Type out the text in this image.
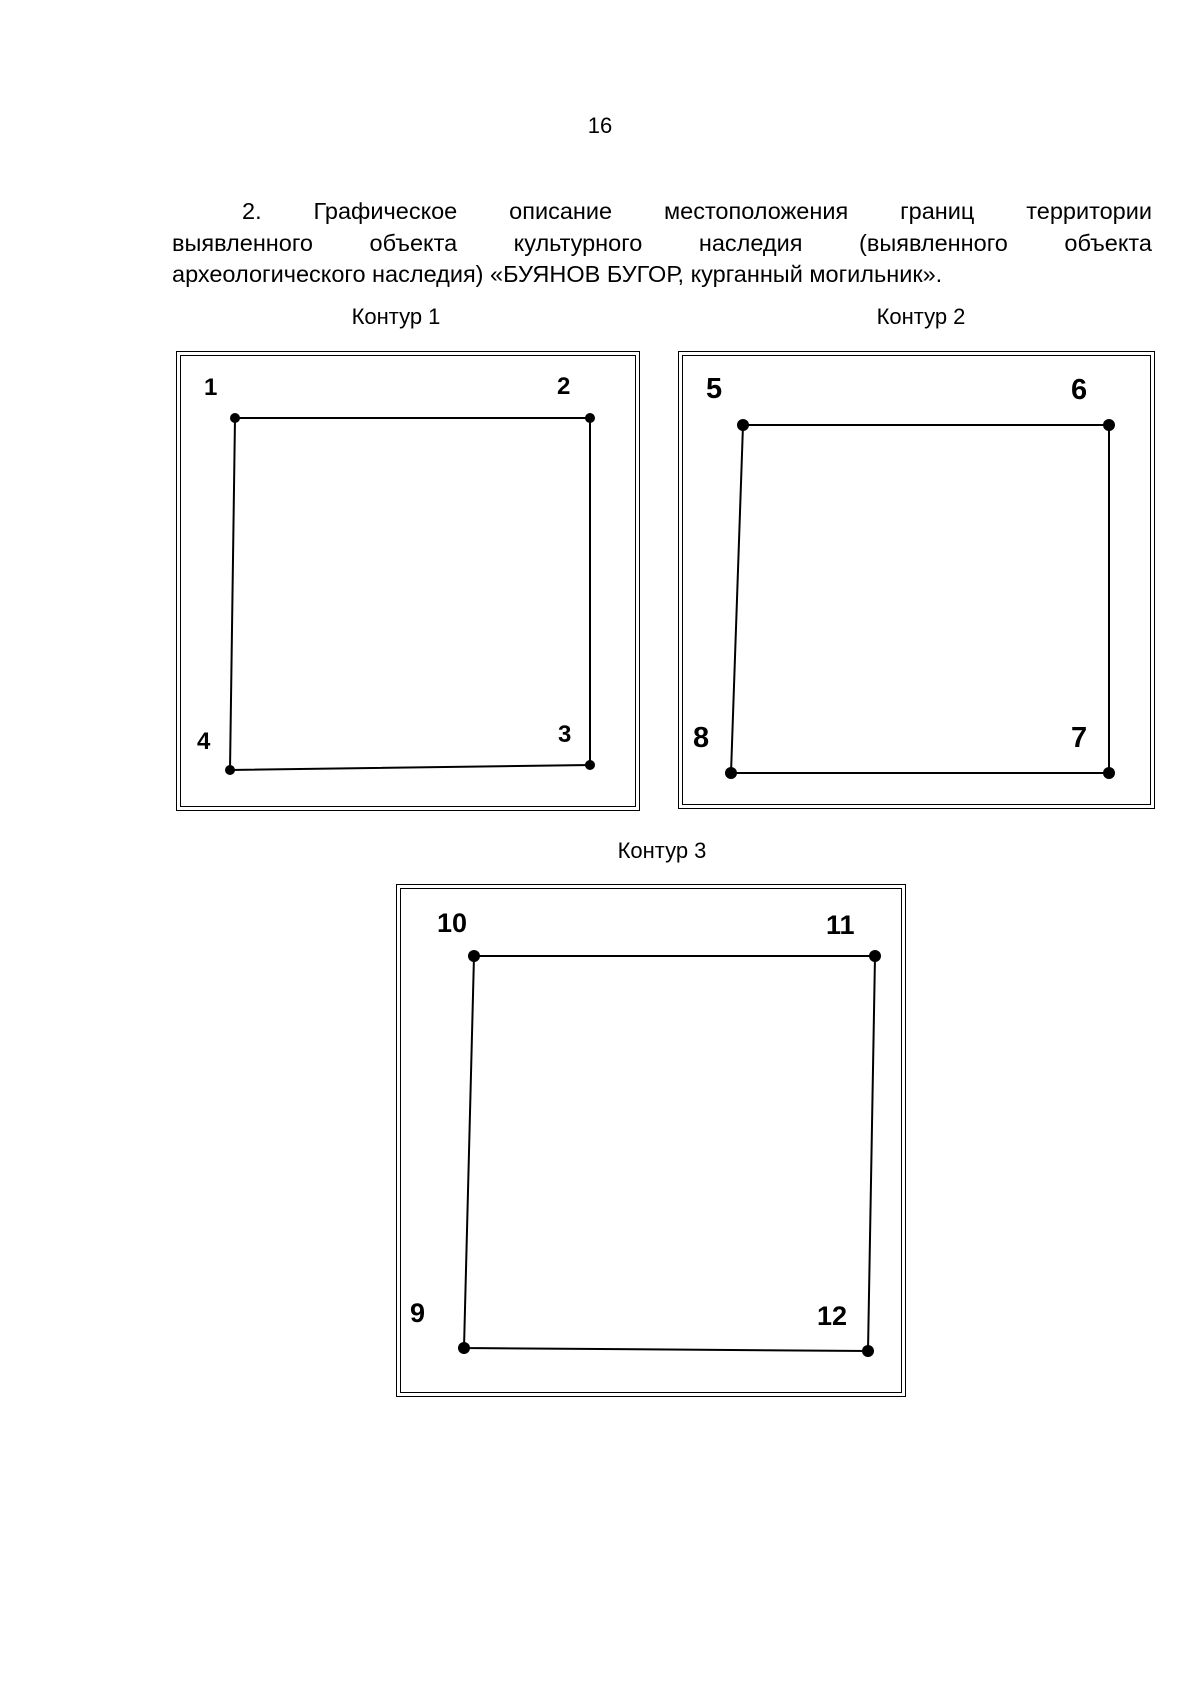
16
2. Графическое описание местоположения границ территории
выявленного объекта культурного наследия (выявленного объекта
археологического наследия) «БУЯНОВ БУГОР, курганный могильник».
Контур 1
1	2
3
4
Контур 2
5	6
7
8
Контур 3
9
10	11
12
